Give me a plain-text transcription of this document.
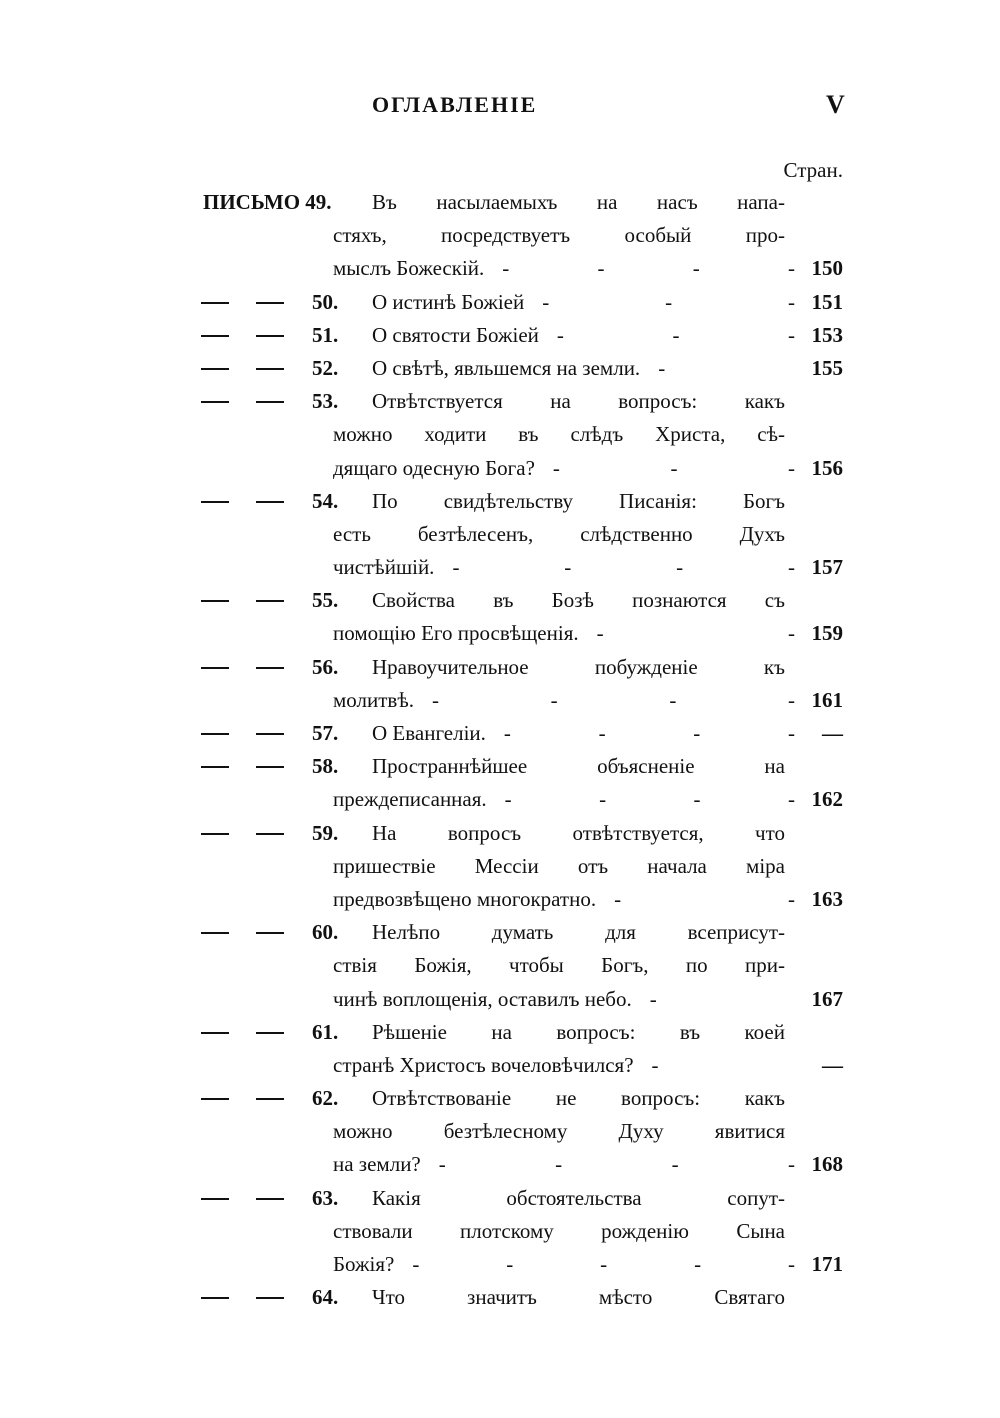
ОГЛАВЛЕНІЕ	V
Стран.
ПИСЬМО 49. Въ насылаемыхъ на насъ напа-
стяхъ, посредствуетъ особый про-
мыслъ Божескій. - - - - 150
50. О истинѣ Божіей - - - 151
51. О святости Божіей - - - 153
52. О свѣтѣ, явльшемся на земли. -	155
53. Отвѣтствуется на вопросъ: какъ
можно ходити въ слѣдъ Христа, сѣ-
дящаго одесную Бога? - - - 156
54. По свидѣтельству Писанія: Богъ
есть безтѣлесенъ, слѣдственно Духъ
чистѣйшій. - - - - 157
55. Свойства въ Бозѣ познаются съ
помощію Его просвѣщенія. - - 159
56. Нравоучительное побужденіе къ
молитвѣ. - - - - 161
57. О Евангеліи. - - - -	—
58. Пространнѣйшее объясненіе на
преждеписанная. - - - - 162
59. На вопросъ отвѣтствуется, что
пришествіе Мессіи отъ начала міра
предвозвѣщено многократно. - - 163
60. Нелѣпо думать для всеприсут-
ствія Божія, чтобы Богъ, по при-
чинѣ воплощенія, оставилъ небо. -	167
61. Рѣшеніе на вопросъ: въ коей
странѣ Христосъ вочеловѣчился? -	—
62. Отвѣтствованіе не вопросъ: какъ
можно безтѣлесному Духу явитися
на земли? - - - - 168
63. Какія обстоятельства сопут-
ствовали плотскому рожденію Сына
Божія? - - - - - 171
64. Что значитъ мѣсто Святаго
